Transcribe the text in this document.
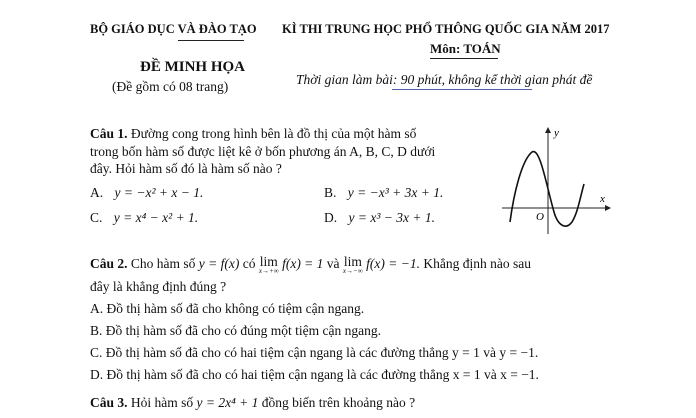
BỘ GIÁO DỤC VÀ ĐÀO TẠO KÌ THI TRUNG HỌC PHỔ THÔNG QUỐC GIA NĂM 2017
Môn: TOÁN
ĐỀ MINH HỌA
(Đề gồm có 08 trang)	Thời gian làm bài: 90 phút, không kể thời gian phát đề
Câu 1. Đường cong trong hình bên là đồ thị của một hàm số
trong bốn hàm số được liệt kê ở bốn phương án A, B, C, D dưới
đây. Hỏi hàm số đó là hàm số nào ?
A. y = −x² + x − 1.	B. y = −x³ + 3x + 1.
C. y = x⁴ − x² + 1.	D. y = x³ − 3x + 1.
y
x
O
Câu 2. Cho hàm số y = f(x) có lim
x→+∞ f(x) = 1 và lim
x→−∞ f(x) = −1. Khẳng định nào sau
đây là khẳng định đúng ?
A. Đồ thị hàm số đã cho không có tiệm cận ngang.
B. Đồ thị hàm số đã cho có đúng một tiệm cận ngang.
C. Đồ thị hàm số đã cho có hai tiệm cận ngang là các đường thẳng y = 1 và y = −1.
D. Đồ thị hàm số đã cho có hai tiệm cận ngang là các đường thẳng x = 1 và x = −1.
Câu 3. Hỏi hàm số y = 2x⁴ + 1 đồng biến trên khoảng nào ?
